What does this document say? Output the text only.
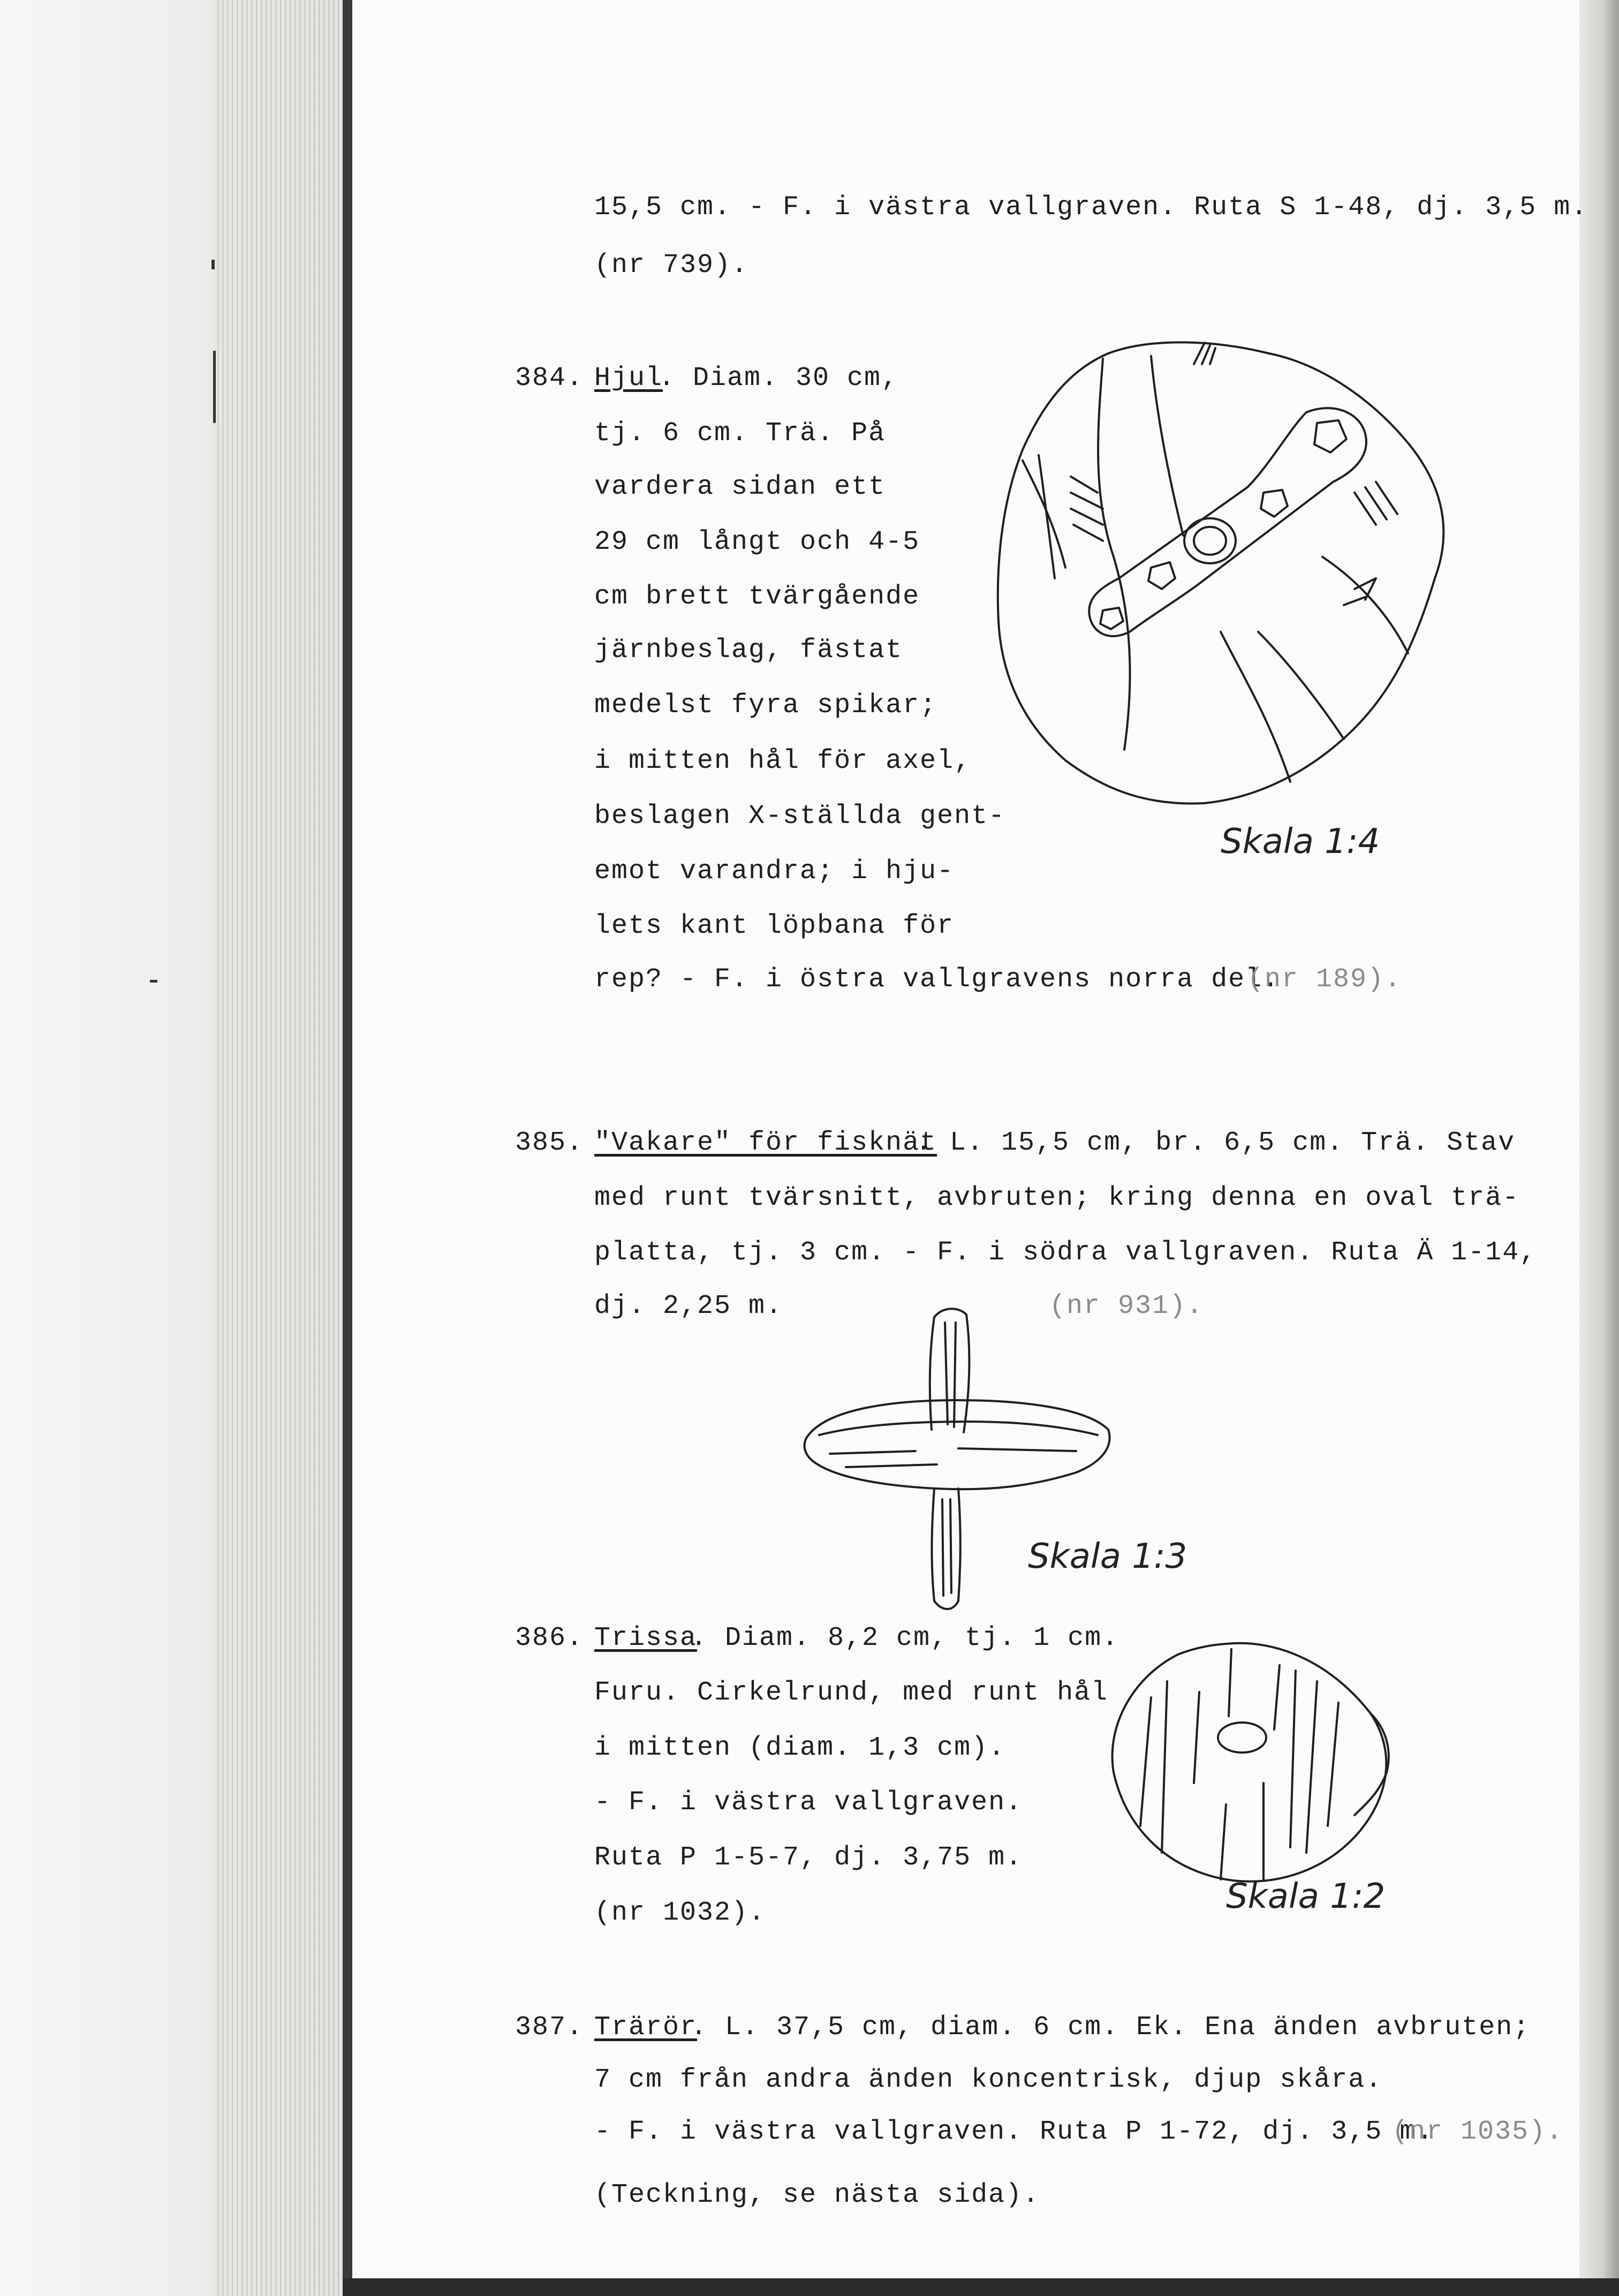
15,5 cm. - F. i västra vallgraven. Ruta S 1-48, dj. 3,5 m.
(nr 739).
384. Hjul
. Diam. 30 cm,
tj. 6 cm. Trä. På
vardera sidan ett
29 cm långt och 4-5
cm brett tvärgående
järnbeslag, fästat
medelst fyra spikar;
i mitten hål för axel,
beslagen X-ställda gent-
emot varandra; i hju-
lets kant löpbana för
rep? - F. i östra vallgravens norra del.
(nr 189).
Skala 1:4
385. "Vakare" för fisknät
. L. 15,5 cm, br. 6,5 cm. Trä. Stav
med runt tvärsnitt, avbruten; kring denna en oval trä-
platta, tj. 3 cm. - F. i södra vallgraven. Ruta Ä 1-14,
dj. 2,25 m.	(nr 931).
Skala 1:3
386. Trissa
. Diam. 8,2 cm, tj. 1 cm.
Furu. Cirkelrund, med runt hål
i mitten (diam. 1,3 cm).
- F. i västra vallgraven.
Ruta P 1-5-7, dj. 3,75 m.
(nr 1032).	Skala 1:2
387. Trärör
. L. 37,5 cm, diam. 6 cm. Ek. Ena änden avbruten;
7 cm från andra änden koncentrisk, djup skåra.
- F. i västra vallgraven. Ruta P 1-72, dj. 3,5 m.
(nr 1035).
(Teckning, se nästa sida).
